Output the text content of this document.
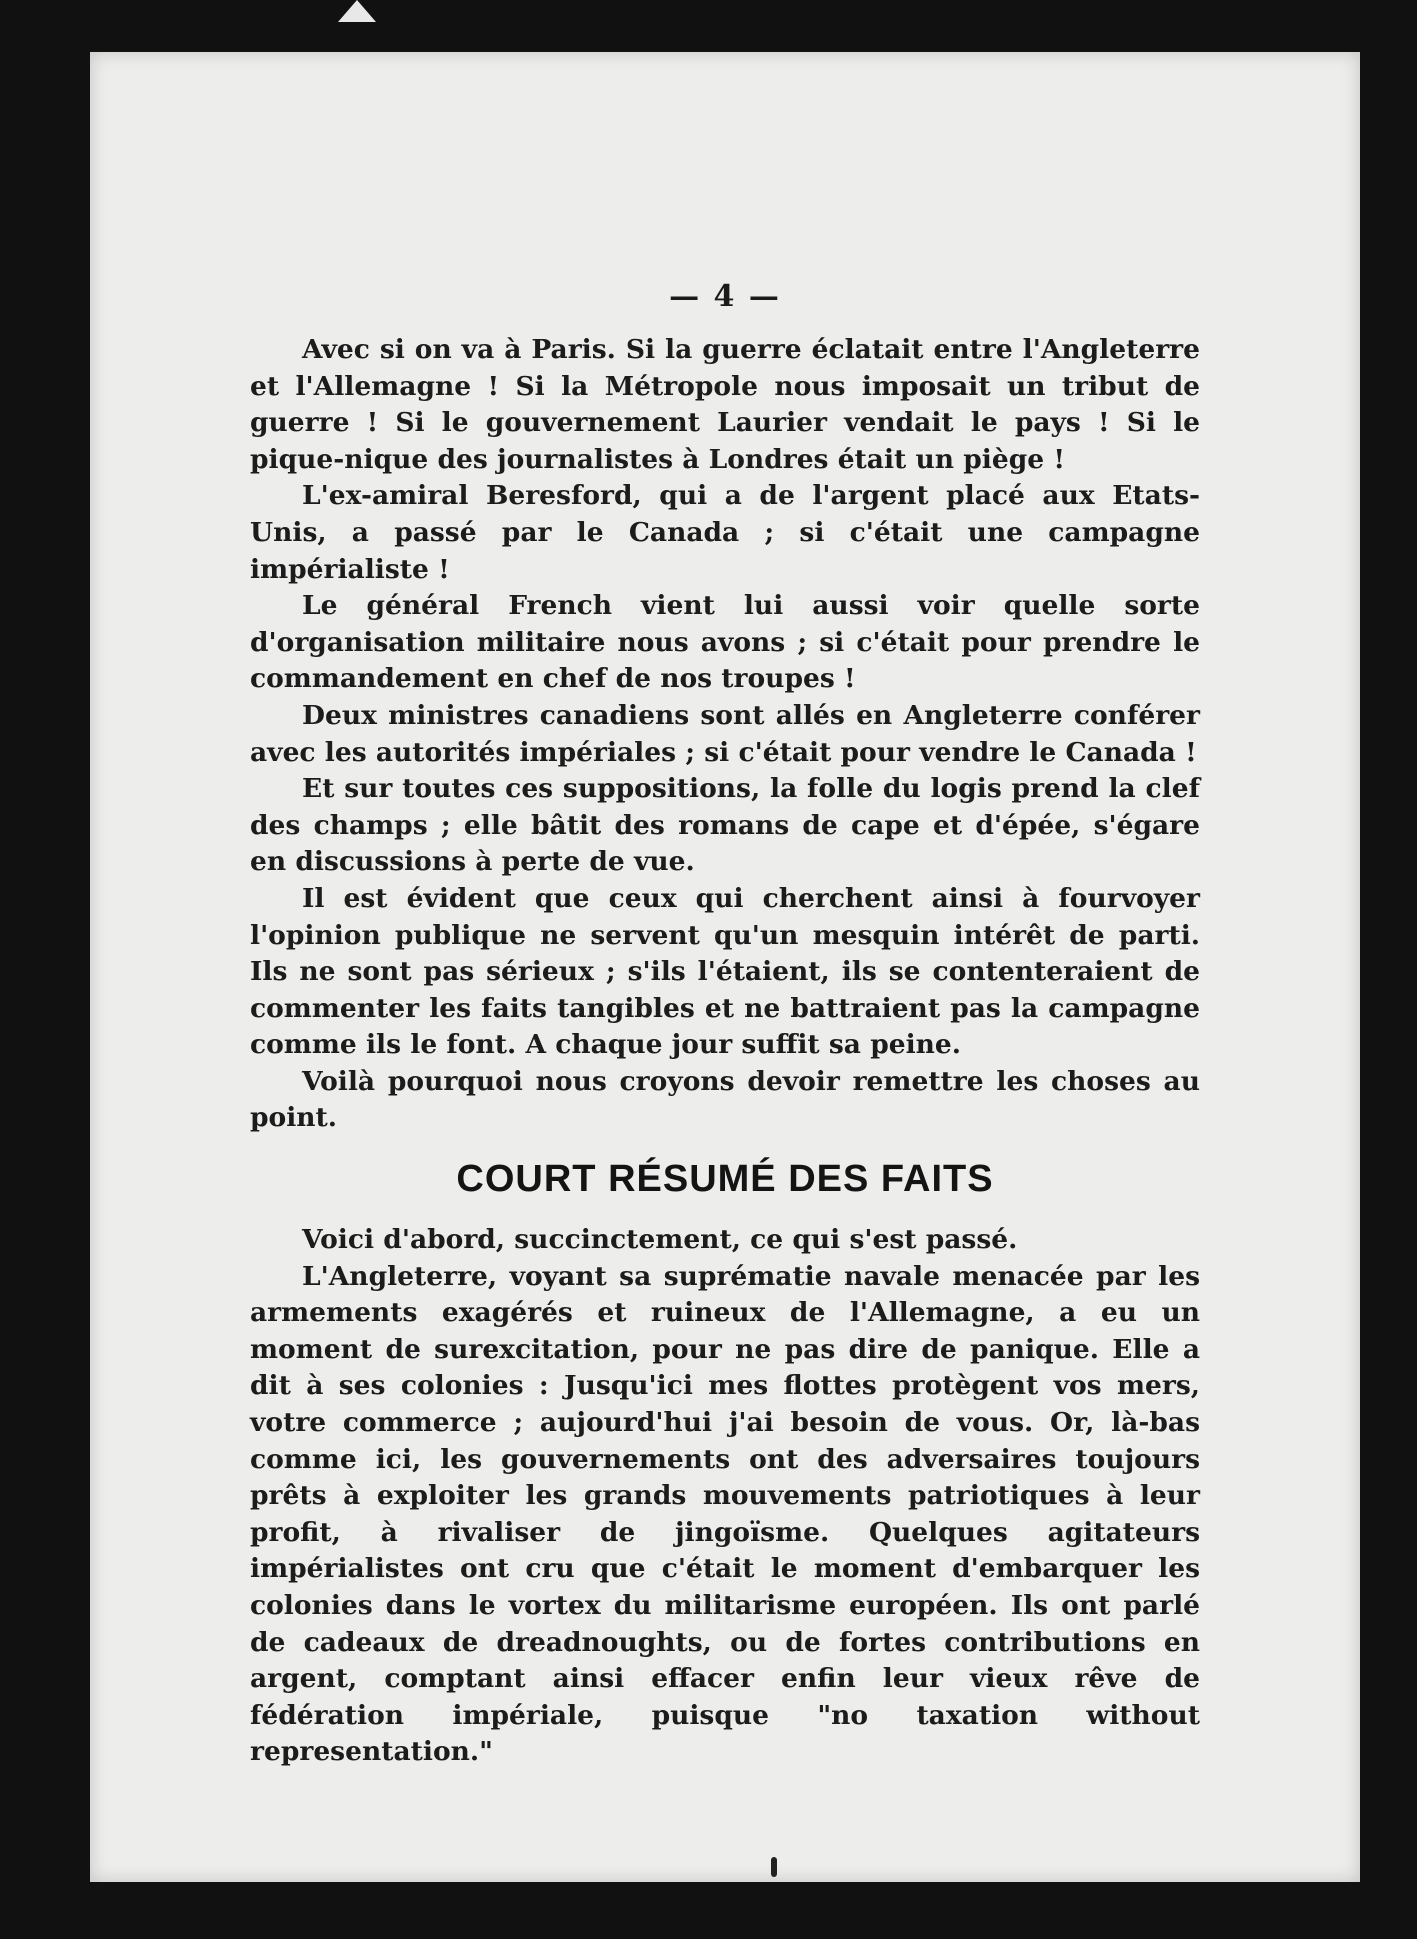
— 4 —

Avec si on va à Paris. Si la guerre éclatait entre l'Angleterre et l'Allemagne ! Si la Métropole nous imposait un tribut de guerre ! Si le gouvernement Laurier vendait le pays ! Si le pique-nique des journalistes à Londres était un piège !

L'ex-amiral Beresford, qui a de l'argent placé aux Etats-Unis, a passé par le Canada ; si c'était une campagne impérialiste !

Le général French vient lui aussi voir quelle sorte d'organisation militaire nous avons ; si c'était pour prendre le commandement en chef de nos troupes !

Deux ministres canadiens sont allés en Angleterre conférer avec les autorités impériales ; si c'était pour vendre le Canada !

Et sur toutes ces suppositions, la folle du logis prend la clef des champs ; elle bâtit des romans de cape et d'épée, s'égare en discussions à perte de vue.

Il est évident que ceux qui cherchent ainsi à fourvoyer l'opinion publique ne servent qu'un mesquin intérêt de parti. Ils ne sont pas sérieux ; s'ils l'étaient, ils se contenteraient de commenter les faits tangibles et ne battraient pas la campagne comme ils le font. A chaque jour suffit sa peine.

Voilà pourquoi nous croyons devoir remettre les choses au point.

COURT RÉSUMÉ DES FAITS

Voici d'abord, succinctement, ce qui s'est passé.

L'Angleterre, voyant sa suprématie navale menacée par les armements exagérés et ruineux de l'Allemagne, a eu un moment de surexcitation, pour ne pas dire de panique. Elle a dit à ses colonies : Jusqu'ici mes flottes protègent vos mers, votre commerce ; aujourd'hui j'ai besoin de vous. Or, là-bas comme ici, les gouvernements ont des adversaires toujours prêts à exploiter les grands mouvements patriotiques à leur profit, à rivaliser de jingoïsme. Quelques agitateurs impérialistes ont cru que c'était le moment d'embarquer les colonies dans le vortex du militarisme européen. Ils ont parlé de cadeaux de dreadnoughts, ou de fortes contributions en argent, comptant ainsi effacer enfin leur vieux rêve de fédération impériale, puisque "no taxation without representation."
